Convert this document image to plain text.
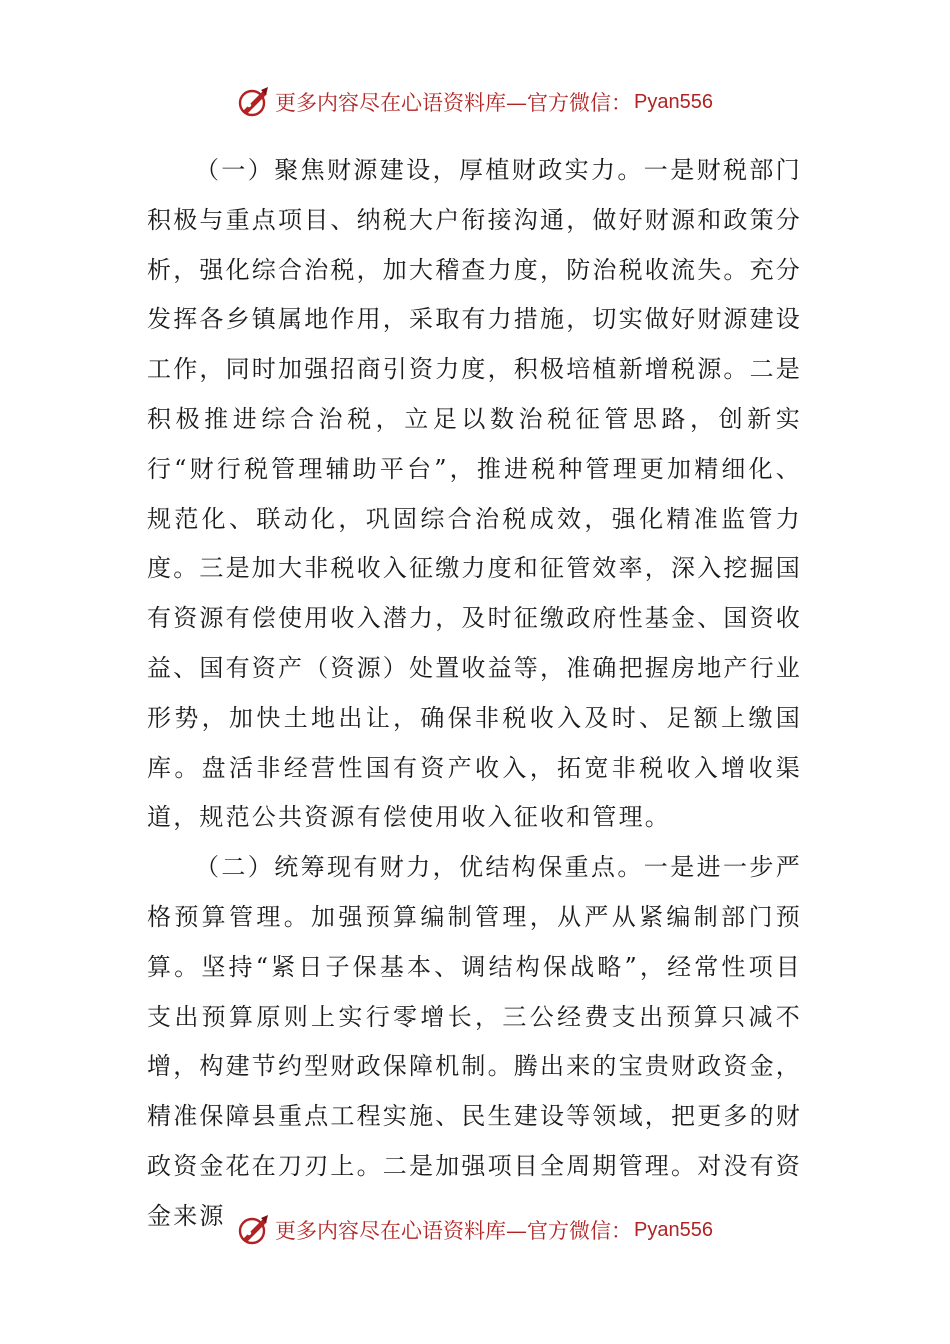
更多内容尽在心语资料库—官方微信： Pyan556

（一）聚焦财源建设，厚植财政实力。一是财税部门积极与重点项目、纳税大户衔接沟通，做好财源和政策分析，强化综合治税，加大稽查力度，防治税收流失。充分发挥各乡镇属地作用，采取有力措施，切实做好财源建设工作，同时加强招商引资力度，积极培植新增税源。二是积极推进综合治税，立足以数治税征管思路，创新实行“财行税管理辅助平台”，推进税种管理更加精细化、规范化、联动化，巩固综合治税成效，强化精准监管力度。三是加大非税收入征缴力度和征管效率，深入挖掘国有资源有偿使用收入潜力，及时征缴政府性基金、国资收益、国有资产（资源）处置收益等，准确把握房地产行业形势，加快土地出让，确保非税收入及时、足额上缴国库。盘活非经营性国有资产收入，拓宽非税收入增收渠道，规范公共资源有偿使用收入征收和管理。

（二）统筹现有财力，优结构保重点。一是进一步严格预算管理。加强预算编制管理，从严从紧编制部门预算。坚持“紧日子保基本、调结构保战略”，经常性项目支出预算原则上实行零增长，三公经费支出预算只减不增，构建节约型财政保障机制。腾出来的宝贵财政资金，精准保障县重点工程实施、民生建设等领域，把更多的财政资金花在刀刃上。二是加强项目全周期管理。对没有资金来源

更多内容尽在心语资料库—官方微信： Pyan556
